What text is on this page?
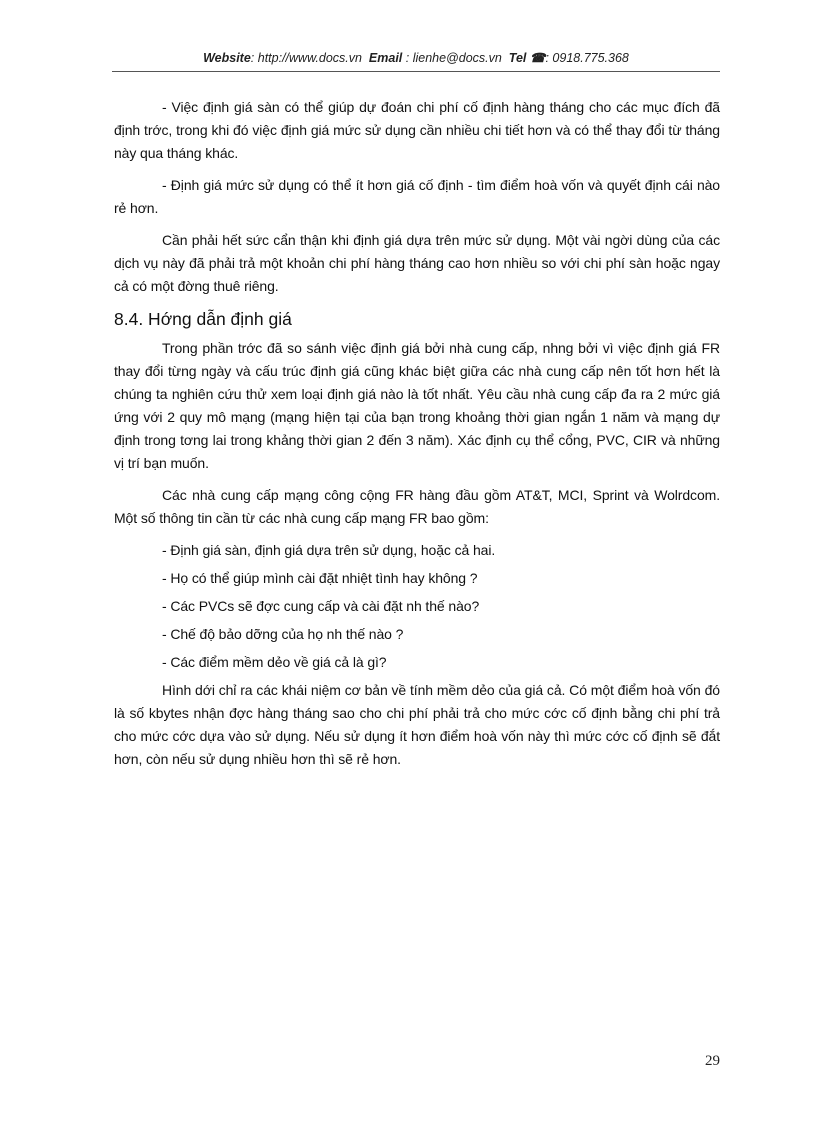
Website: http://www.docs.vn Email : lienhe@docs.vn Tel ☎: 0918.775.368

- Việc định giá sàn có thể giúp dự đoán chi phí cố định hàng tháng cho các mục đích đã định trớc, trong khi đó việc định giá mức sử dụng cần nhiều chi tiết hơn và có thể thay đổi từ tháng này qua tháng khác.

- Định giá mức sử dụng có thể ít hơn giá cố định - tìm điểm hoà vốn và quyết định cái nào rẻ hơn.

Cần phải hết sức cẩn thận khi định giá dựa trên mức sử dụng. Một vài ngời dùng của các dịch vụ này đã phải trả một khoản chi phí hàng tháng cao hơn nhiều so với chi phí sàn hoặc ngay cả có một đờng thuê riêng.

8.4. Hớng dẫn định giá

Trong phần trớc đã so sánh việc định giá bởi nhà cung cấp, nhng bởi vì việc định giá FR thay đổi từng ngày và cấu trúc định giá cũng khác biệt giữa các nhà cung cấp nên tốt hơn hết là chúng ta nghiên cứu thử xem loại định giá nào là tốt nhất. Yêu cầu nhà cung cấp đa ra 2 mức giá ứng với 2 quy mô mạng (mạng hiện tại của bạn trong khoảng thời gian ngắn 1 năm và mạng dự định trong tơng lai trong khảng thời gian 2 đến 3 năm). Xác định cụ thể cổng, PVC, CIR và những vị trí bạn muốn.

Các nhà cung cấp mạng công cộng FR hàng đầu gồm AT&T, MCI, Sprint và Wolrdcom. Một số thông tin cần từ các nhà cung cấp mạng FR bao gồm:

- Định giá sàn, định giá dựa trên sử dụng, hoặc cả hai.

- Họ có thể giúp mình cài đặt nhiệt tình hay không ?

- Các PVCs sẽ đợc cung cấp và cài đặt nh thế nào?

- Chế độ bảo dỡng của họ nh thế nào ?

- Các điểm mềm dẻo về giá cả là gì?

Hình dới chỉ ra các khái niệm cơ bản về tính mềm dẻo của giá cả. Có một điểm hoà vốn đó là số kbytes nhận đợc hàng tháng sao cho chi phí phải trả cho mức cớc cố định bằng chi phí trả cho mức cớc dựa vào sử dụng. Nếu sử dụng ít hơn điểm hoà vốn này thì mức cớc cố định sẽ đắt hơn, còn nếu sử dụng nhiều hơn thì sẽ rẻ hơn.

29
